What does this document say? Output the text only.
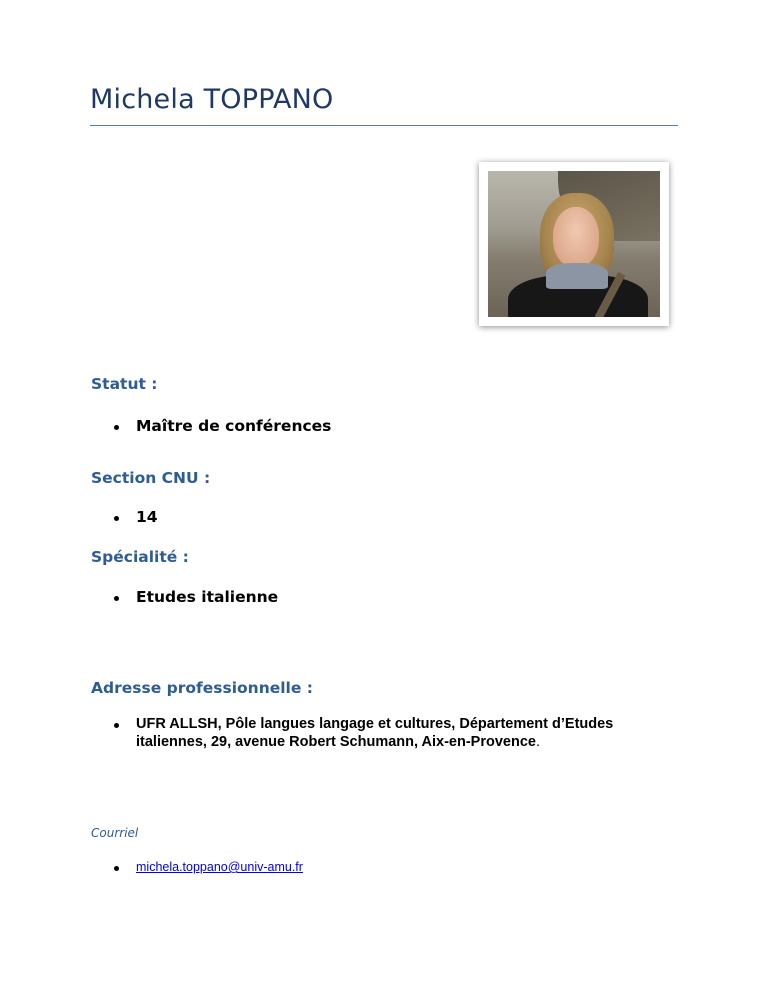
Michela TOPPANO
Statut :
Maître de conférences
Section CNU :
14
Spécialité :
Etudes italienne
Adresse professionnelle :
UFR ALLSH, Pôle langues langage et cultures, Département d’Etudes italiennes, 29, avenue Robert Schumann, Aix-en-Provence.
Courriel
michela.toppano@univ-amu.fr
